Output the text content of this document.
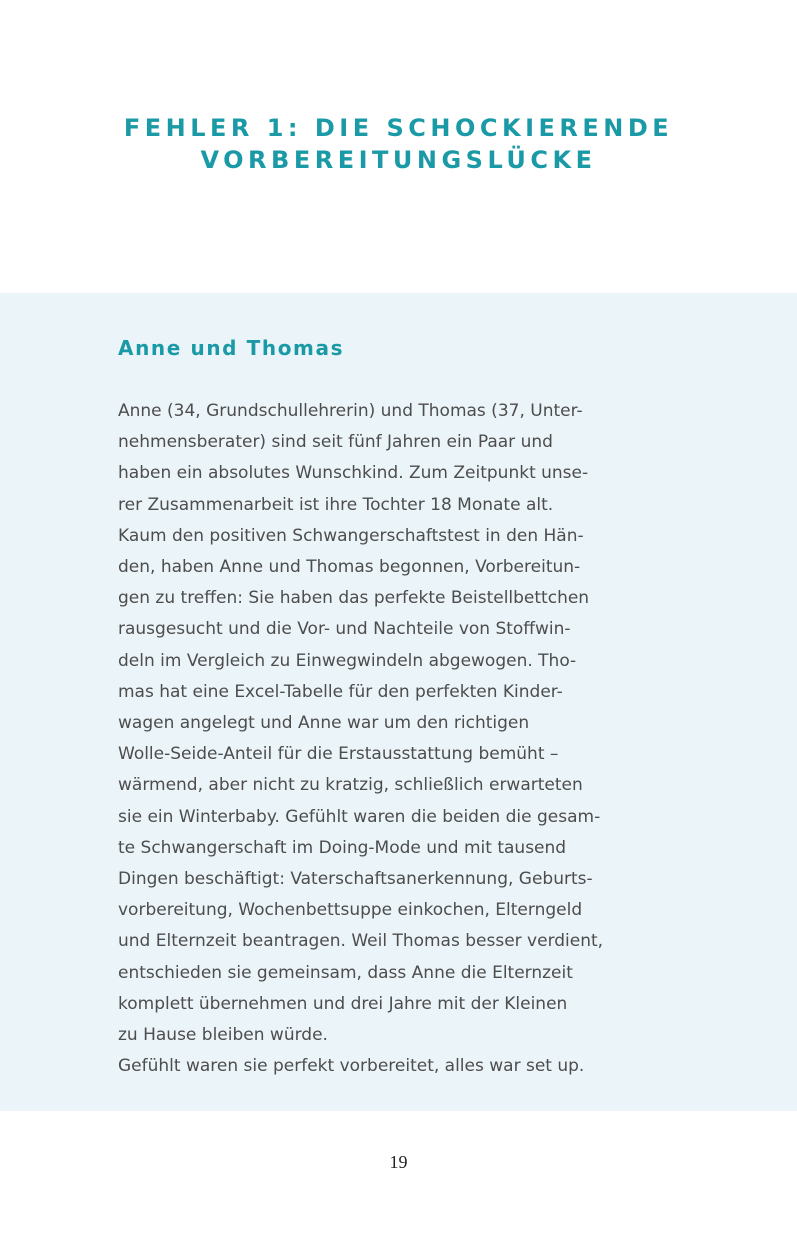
FEHLER 1: DIE SCHOCKIERENDE
VORBEREITUNGSLÜCKE
Anne und Thomas

Anne (34, Grundschullehrerin) und Thomas (37, Unter-
nehmensberater) sind seit fünf Jahren ein Paar und
haben ein absolutes Wunschkind. Zum Zeitpunkt unse-
rer Zusammenarbeit ist ihre Tochter 18 Monate alt.
Kaum den positiven Schwangerschaftstest in den Hän-
den, haben Anne und Thomas begonnen, Vorbereitun-
gen zu treffen: Sie haben das perfekte Beistellbettchen
rausgesucht und die Vor- und Nachteile von Stoffwin-
deln im Vergleich zu Einwegwindeln abgewogen. Tho-
mas hat eine Excel-Tabelle für den perfekten Kinder-
wagen angelegt und Anne war um den richtigen
Wolle-Seide-Anteil für die Erstausstattung bemüht –
wärmend, aber nicht zu kratzig, schließlich erwarteten
sie ein Winterbaby. Gefühlt waren die beiden die gesam-
te Schwangerschaft im Doing-Mode und mit tausend
Dingen beschäftigt: Vaterschaftsanerkennung, Geburts-
vorbereitung, Wochenbettsuppe einkochen, Elterngeld
und Elternzeit beantragen. Weil Thomas besser verdient,
entschieden sie gemeinsam, dass Anne die Elternzeit
komplett übernehmen und drei Jahre mit der Kleinen
zu Hause bleiben würde.
Gefühlt waren sie perfekt vorbereitet, alles war set up.

19
